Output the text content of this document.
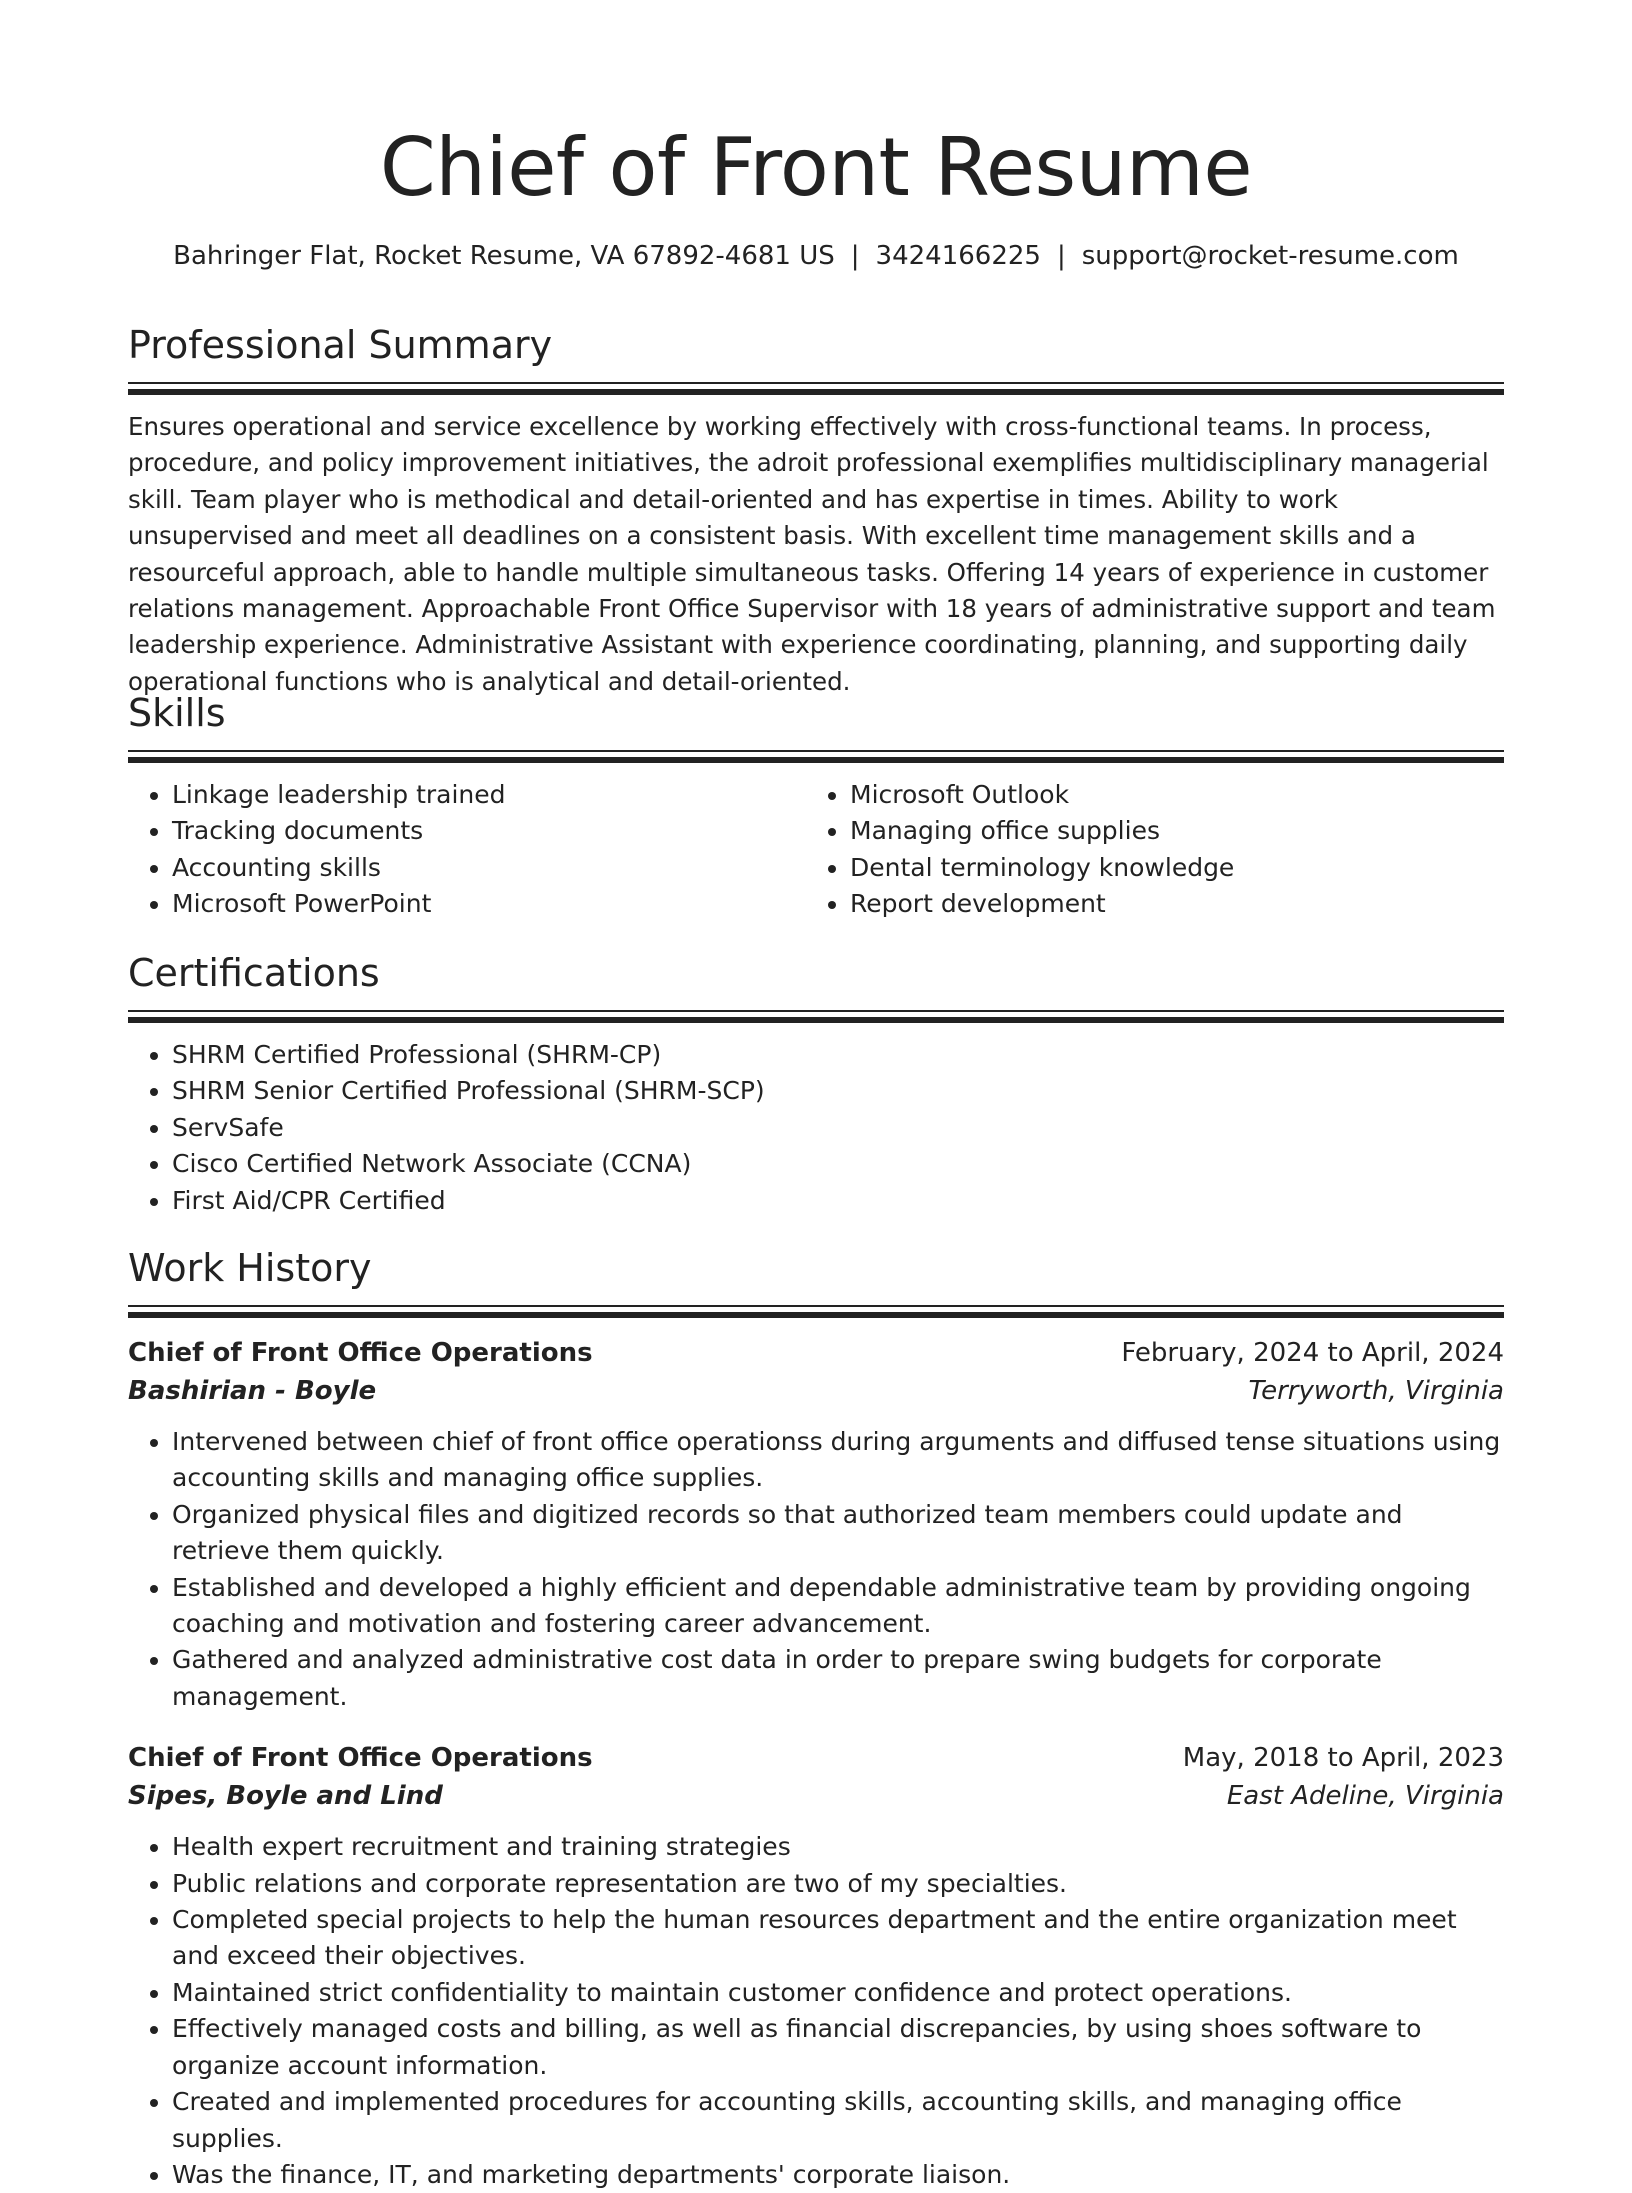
Chief of Front Resume
Bahringer Flat, Rocket Resume, VA 67892-4681 US | 3424166225 | support@rocket-resume.com
Professional Summary

Ensures operational and service excellence by working effectively with cross-functional teams. In process, procedure, and policy improvement initiatives, the adroit professional exemplifies multidisciplinary managerial skill. Team player who is methodical and detail-oriented and has expertise in times. Ability to work unsupervised and meet all deadlines on a consistent basis. With excellent time management skills and a resourceful approach, able to handle multiple simultaneous tasks. Offering 14 years of experience in customer relations management. Approachable Front Office Supervisor with 18 years of administrative support and team leadership experience. Administrative Assistant with experience coordinating, planning, and supporting daily operational functions who is analytical and detail-oriented.

Skills
• Linkage leadership trained
• Tracking documents
• Accounting skills
• Microsoft PowerPoint
• Microsoft Outlook
• Managing office supplies
• Dental terminology knowledge
• Report development
Certifications
• SHRM Certified Professional (SHRM-CP)
• SHRM Senior Certified Professional (SHRM-SCP)
• ServSafe
• Cisco Certified Network Associate (CCNA)
• First Aid/CPR Certified
Work History
Chief of Front Office Operations	February, 2024 to April, 2024
Bashirian - Boyle	Terryworth, Virginia
• Intervened between chief of front office operationss during arguments and diffused tense situations using accounting skills and managing office supplies.
• Organized physical files and digitized records so that authorized team members could update and retrieve them quickly.
• Established and developed a highly efficient and dependable administrative team by providing ongoing coaching and motivation and fostering career advancement.
• Gathered and analyzed administrative cost data in order to prepare swing budgets for corporate management.
Chief of Front Office Operations	May, 2018 to April, 2023
Sipes, Boyle and Lind	East Adeline, Virginia
• Health expert recruitment and training strategies
• Public relations and corporate representation are two of my specialties.
• Completed special projects to help the human resources department and the entire organization meet and exceed their objectives.
• Maintained strict confidentiality to maintain customer confidence and protect operations.
• Effectively managed costs and billing, as well as financial discrepancies, by using shoes software to organize account information.
• Created and implemented procedures for accounting skills, accounting skills, and managing office supplies.
• Was the finance, IT, and marketing departments' corporate liaison.
